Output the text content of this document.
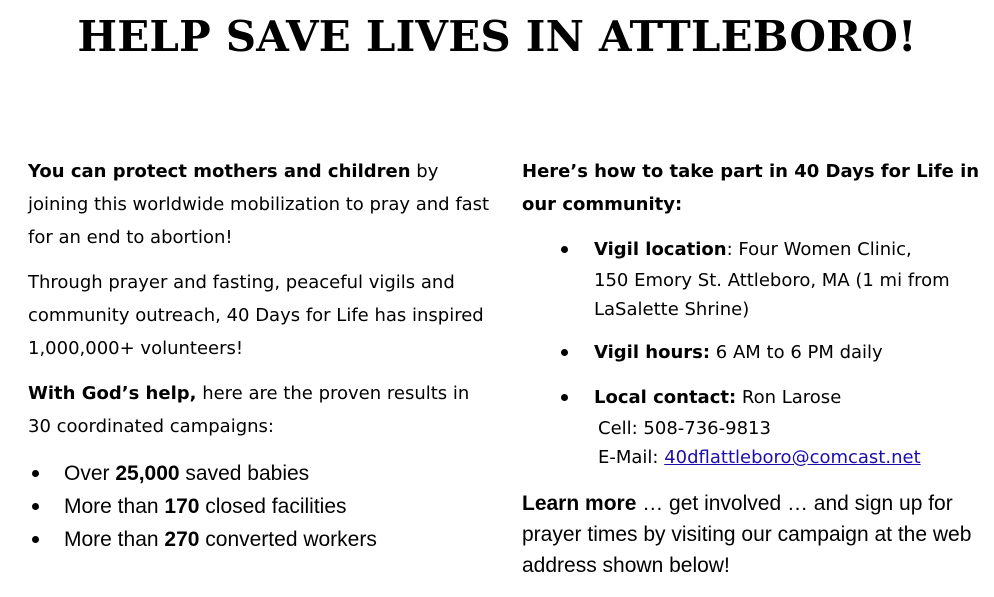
HELP SAVE LIVES IN ATTLEBORO!

You can protect mothers and children by joining this worldwide mobilization to pray and fast for an end to abortion!

Through prayer and fasting, peaceful vigils and community outreach, 40 Days for Life has inspired 1,000,000+ volunteers!

With God’s help, here are the proven results in 30 coordinated campaigns:

Over 25,000 saved babies
More than 170 closed facilities
More than 270 converted workers

Here’s how to take part in 40 Days for Life in our community:

Vigil location: Four Women Clinic,
150 Emory St. Attleboro, MA (1 mi from
LaSalette Shrine)
Vigil hours: 6 AM to 6 PM daily
Local contact: Ron Larose
Cell: 508-736-9813
E-Mail: 40dflattleboro@comcast.net

Learn more … get involved … and sign up for prayer times by visiting our campaign at the web address shown below!
